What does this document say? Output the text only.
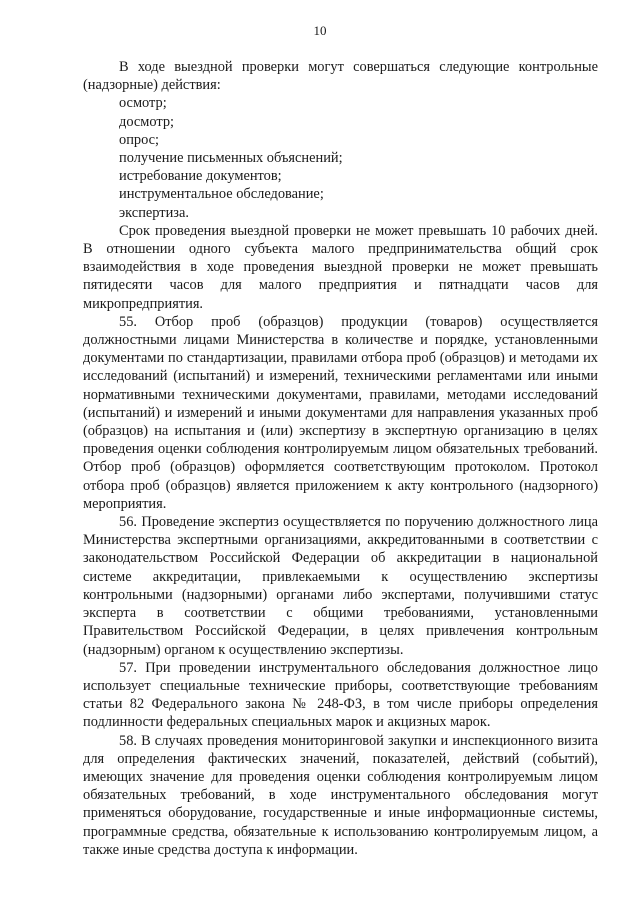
10

В ходе выездной проверки могут совершаться следующие контрольные (надзорные) действия:

осмотр;

досмотр;

опрос;

получение письменных объяснений;

истребование документов;

инструментальное обследование;

экспертиза.

Срок проведения выездной проверки не может превышать 10 рабочих дней. В отношении одного субъекта малого предпринимательства общий срок взаимодействия в ходе проведения выездной проверки не может превышать пятидесяти часов для малого предприятия и пятнадцати часов для микропредприятия.

55. Отбор проб (образцов) продукции (товаров) осуществляется должностными лицами Министерства в количестве и порядке, установленными документами по стандартизации, правилами отбора проб (образцов) и методами их исследований (испытаний) и измерений, техническими регламентами или иными нормативными техническими документами, правилами, методами исследований (испытаний) и измерений и иными документами для направления указанных проб (образцов) на испытания и (или) экспертизу в экспертную организацию в целях проведения оценки соблюдения контролируемым лицом обязательных требований. Отбор проб (образцов) оформляется соответствующим протоколом. Протокол отбора проб (образцов) является приложением к акту контрольного (надзорного) мероприятия.

56. Проведение экспертиз осуществляется по поручению должностного лица Министерства экспертными организациями, аккредитованными в соответствии с законодательством Российской Федерации об аккредитации в национальной системе аккредитации, привлекаемыми к осуществлению экспертизы контрольными (надзорными) органами либо экспертами, получившими статус эксперта в соответствии с общими требованиями, установленными Правительством Российской Федерации, в целях привлечения контрольным (надзорным) органом к осуществлению экспертизы.

57. При проведении инструментального обследования должностное лицо использует специальные технические приборы, соответствующие требованиям статьи 82 Федерального закона № 248-ФЗ, в том числе приборы определения подлинности федеральных специальных марок и акцизных марок.

58. В случаях проведения мониторинговой закупки и инспекционного визита для определения фактических значений, показателей, действий (событий), имеющих значение для проведения оценки соблюдения контролируемым лицом обязательных требований, в ходе инструментального обследования могут применяться оборудование, государственные и иные информационные системы, программные средства, обязательные к использованию контролируемым лицом, а также иные средства доступа к информации.
